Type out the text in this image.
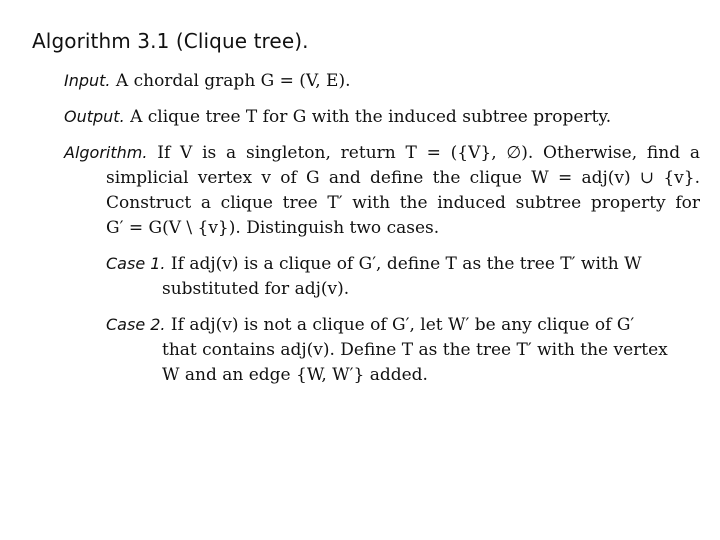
Algorithm 3.1 (Clique tree).
Input. A chordal graph G = (V, E).
Output. A clique tree T for G with the induced subtree property.
Algorithm. If V is a singleton, return T = ({V}, ∅). Otherwise, find a
simplicial vertex v of G and define the clique W = adj(v) ∪ {v}.
Construct a clique tree T′ with the induced subtree property for
G′ = G(V \ {v}). Distinguish two cases.
Case 1. If adj(v) is a clique of G′, define T as the tree T′ with W
substituted for adj(v).
Case 2. If adj(v) is not a clique of G′, let W′ be any clique of G′
that contains adj(v). Define T as the tree T′ with the vertex
W and an edge {W, W′} added.
